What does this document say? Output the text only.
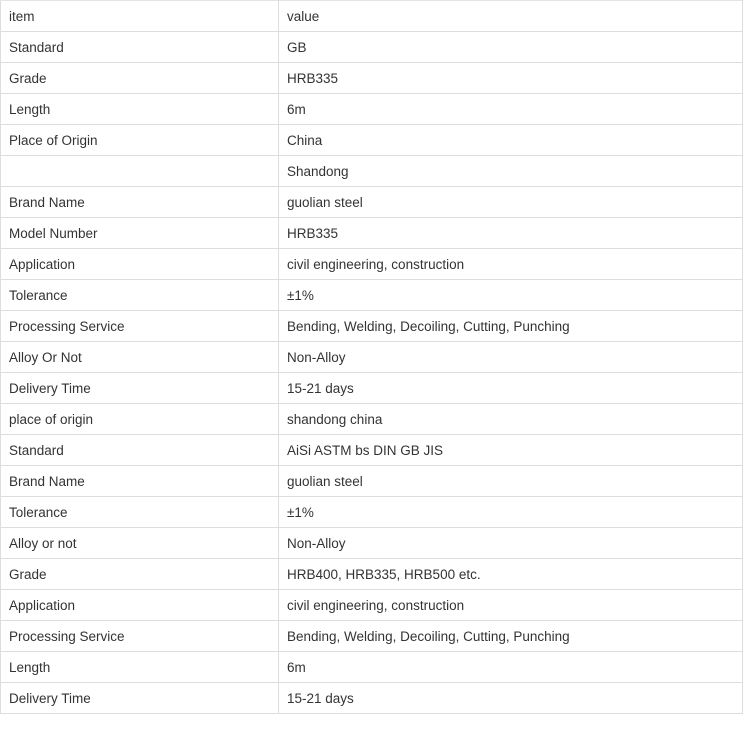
item	value
Standard	GB
Grade	HRB335
Length	6m
Place of Origin	China
	Shandong
Brand Name	guolian steel
Model Number	HRB335
Application	civil engineering, construction
Tolerance	±1%
Processing Service	Bending, Welding, Decoiling, Cutting, Punching
Alloy Or Not	Non-Alloy
Delivery Time	15-21 days
place of origin	shandong china
Standard	AiSi ASTM bs DIN GB JIS
Brand Name	guolian steel
Tolerance	±1%
Alloy or not	Non-Alloy
Grade	HRB400, HRB335, HRB500 etc.
Application	civil engineering, construction
Processing Service	Bending, Welding, Decoiling, Cutting, Punching
Length	6m
Delivery Time	15-21 days
